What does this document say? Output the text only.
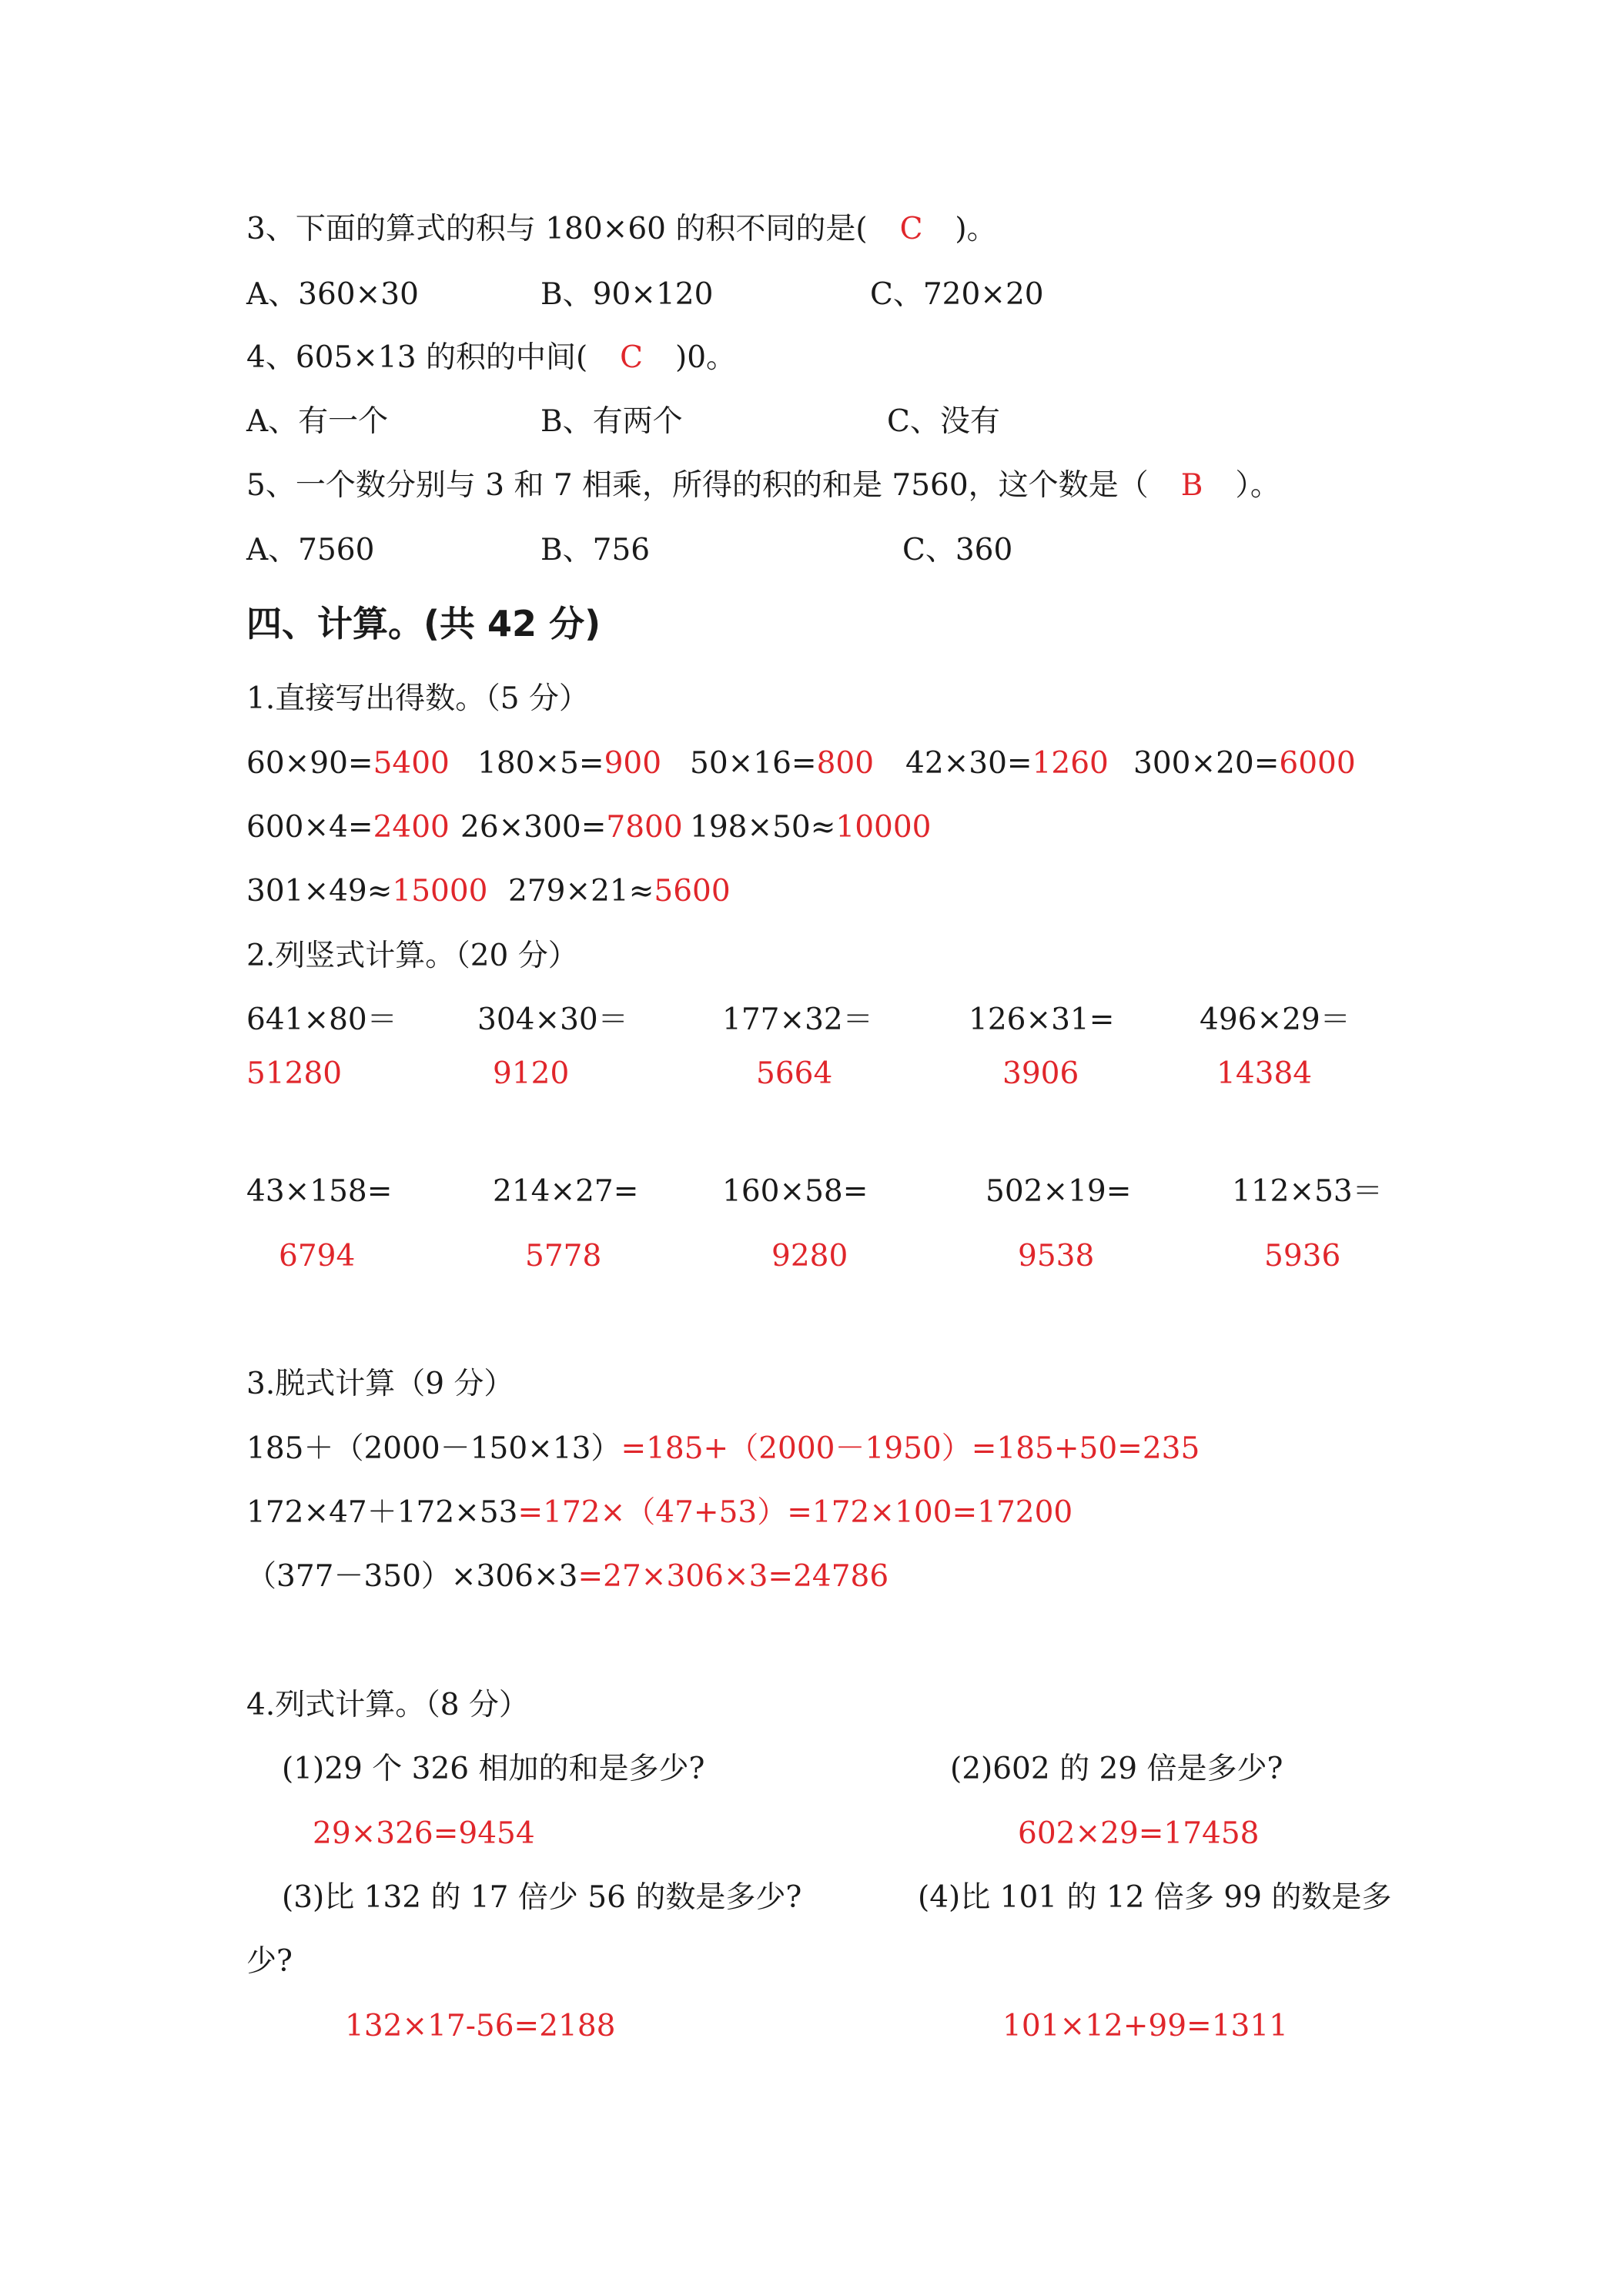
3、下面的算式的积与 180×60 的积不同的是( C )。
A、360×30	B、90×120	C、720×20
4、605×13 的积的中间( C )0。
A、有一个	B、有两个	C、没有
5、一个数分别与 3 和 7 相乘，所得的积的和是 7560，这个数是（ B ）。
A、7560	B、756	C、360
四、计算。(共 42 分)
1.直接写出得数。（5 分）
60×90=5400 180×5=900 50×16=800 42×30=1260 300×20=6000
600×4=2400 26×300=7800 198×50≈10000
301×49≈15000 279×21≈5600
2.列竖式计算。（20 分）
641×80＝	304×30＝	177×32＝	126×31=	496×29＝
51280	9120	5664	3906	14384
43×158=	214×27=	160×58=	502×19=	112×53＝
6794	5778	9280	9538	5936
3.脱式计算（9 分）
185＋（2000－150×13）=185+（2000－1950）=185+50=235
172×47＋172×53=172×（47+53）=172×100=17200
（377－350）×306×3=27×306×3=24786
4.列式计算。（8 分）
(1)29 个 326 相加的和是多少?	(2)602 的 29 倍是多少?
29×326=9454	602×29=17458
(3)比 132 的 17 倍少 56 的数是多少?	(4)比 101 的 12 倍多 99 的数是多
少?
132×17-56=2188	101×12+99=1311
